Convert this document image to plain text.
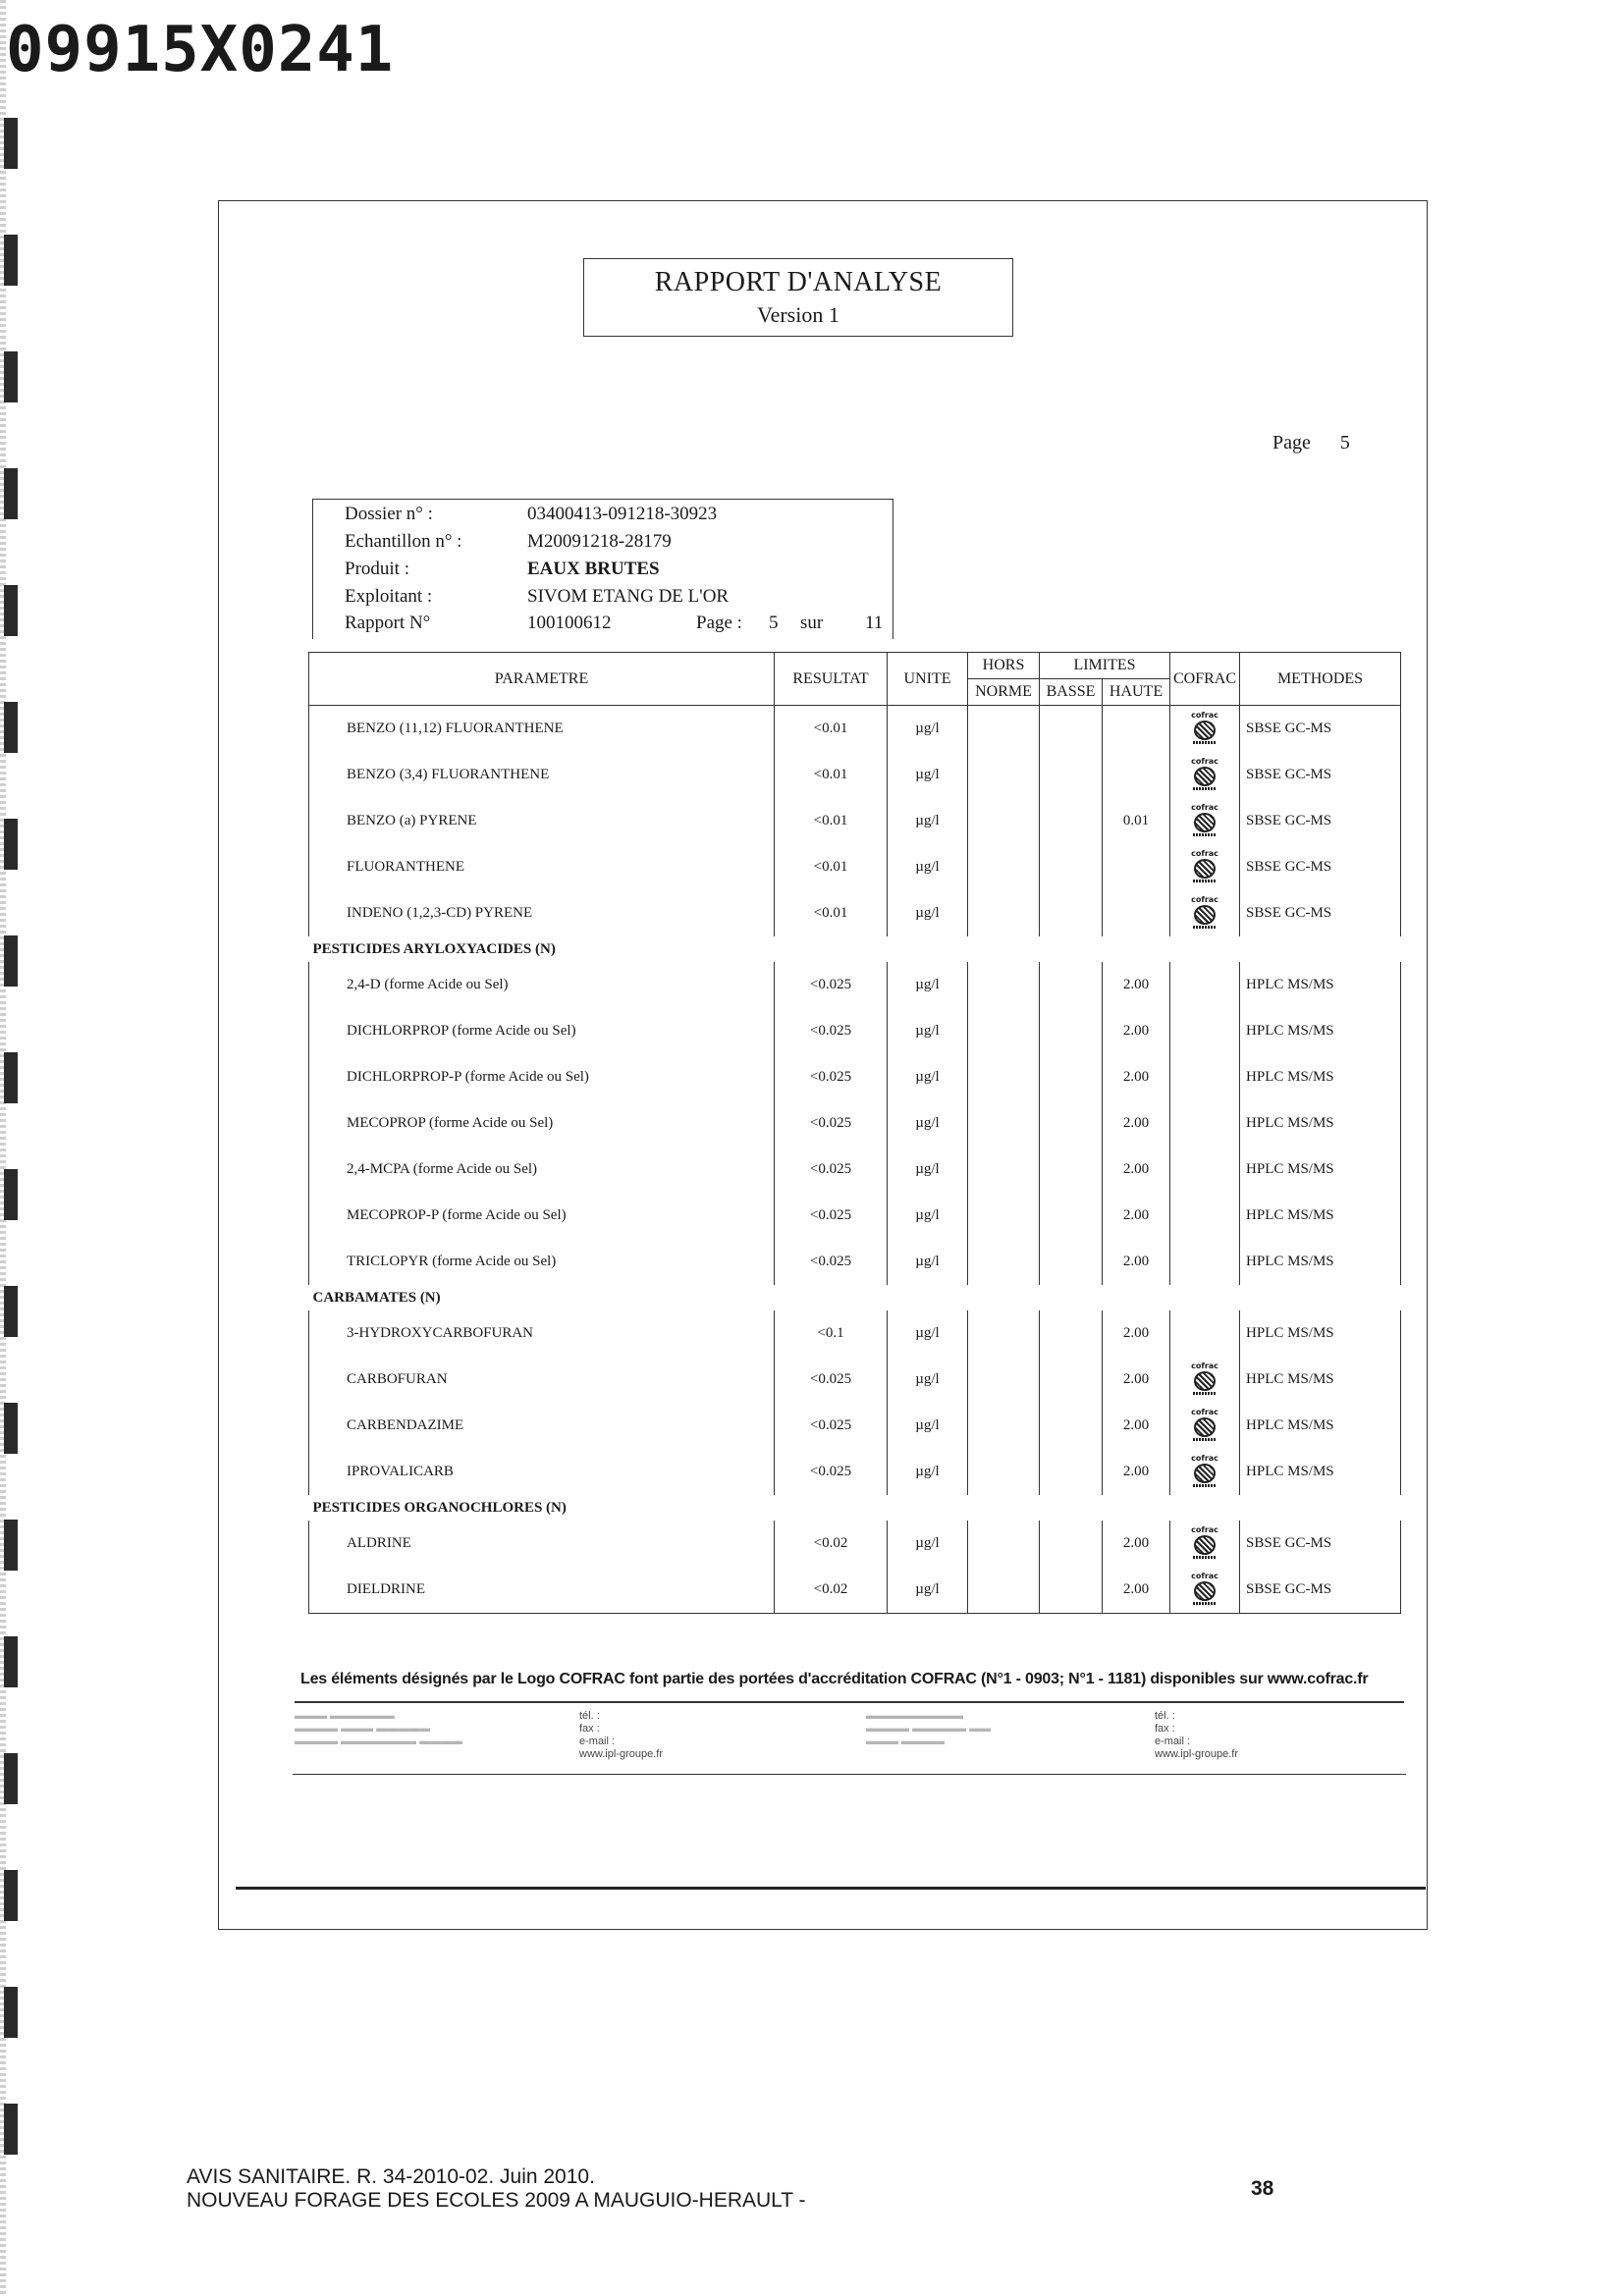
09915X0241
RAPPORT D'ANALYSE
Version 1
Page 5
Dossier n° :	03400413-091218-30923
Echantillon n° :	M20091218-28179
Produit :	EAUX BRUTES
Exploitant :	SIVOM ETANG DE L'OR
Rapport N°	100100612	Page : 5 sur 11
PARAMETRE	RESULTAT	UNITE	HORS	LIMITES		COFRAC	METHODES
			NORME	BASSE	HAUTE		
BENZO (11,12) FLUORANTHENE	<0.01	µg/l				cofrac	SBSE GC-MS
BENZO (3,4) FLUORANTHENE	<0.01	µg/l				cofrac	SBSE GC-MS
BENZO (a) PYRENE	<0.01	µg/l			0.01	cofrac	SBSE GC-MS
FLUORANTHENE	<0.01	µg/l				cofrac	SBSE GC-MS
INDENO (1,2,3-CD) PYRENE	<0.01	µg/l				cofrac	SBSE GC-MS
PESTICIDES ARYLOXYACIDES (N)							
2,4-D (forme Acide ou Sel)	<0.025	µg/l			2.00		HPLC MS/MS
DICHLORPROP (forme Acide ou Sel)	<0.025	µg/l			2.00		HPLC MS/MS
DICHLORPROP-P (forme Acide ou Sel)	<0.025	µg/l			2.00		HPLC MS/MS
MECOPROP (forme Acide ou Sel)	<0.025	µg/l			2.00		HPLC MS/MS
2,4-MCPA (forme Acide ou Sel)	<0.025	µg/l			2.00		HPLC MS/MS
MECOPROP-P (forme Acide ou Sel)	<0.025	µg/l			2.00		HPLC MS/MS
TRICLOPYR (forme Acide ou Sel)	<0.025	µg/l			2.00		HPLC MS/MS
CARBAMATES (N)							
3-HYDROXYCARBOFURAN	<0.1	µg/l			2.00		HPLC MS/MS
CARBOFURAN	<0.025	µg/l			2.00	cofrac	HPLC MS/MS
CARBENDAZIME	<0.025	µg/l			2.00	cofrac	HPLC MS/MS
IPROVALICARB	<0.025	µg/l			2.00	cofrac	HPLC MS/MS
PESTICIDES ORGANOCHLORES (N)							
ALDRINE	<0.02	µg/l			2.00	cofrac	SBSE GC-MS
DIELDRINE	<0.02	µg/l			2.00	cofrac	SBSE GC-MS
Les éléments désignés par le Logo COFRAC font partie des portées d'accréditation COFRAC (N°1 - 0903; N°1 - 1181) disponibles sur www.cofrac.fr
▬▬▬ ▬▬▬▬▬▬
▬▬▬▬ ▬▬▬ ▬▬▬▬▬
▬▬▬▬ ▬▬▬▬▬▬▬ ▬▬▬▬
tél. :
fax :
e-mail :
www.ipl-groupe.fr
▬▬▬▬▬▬▬▬▬
▬▬▬▬ ▬▬▬▬▬ ▬▬
▬▬▬ ▬▬▬▬
tél. :
fax :
e-mail :
www.ipl-groupe.fr
AVIS SANITAIRE. R. 34-2010-02. Juin 2010.
NOUVEAU FORAGE DES ECOLES 2009 A MAUGUIO-HERAULT -
38
